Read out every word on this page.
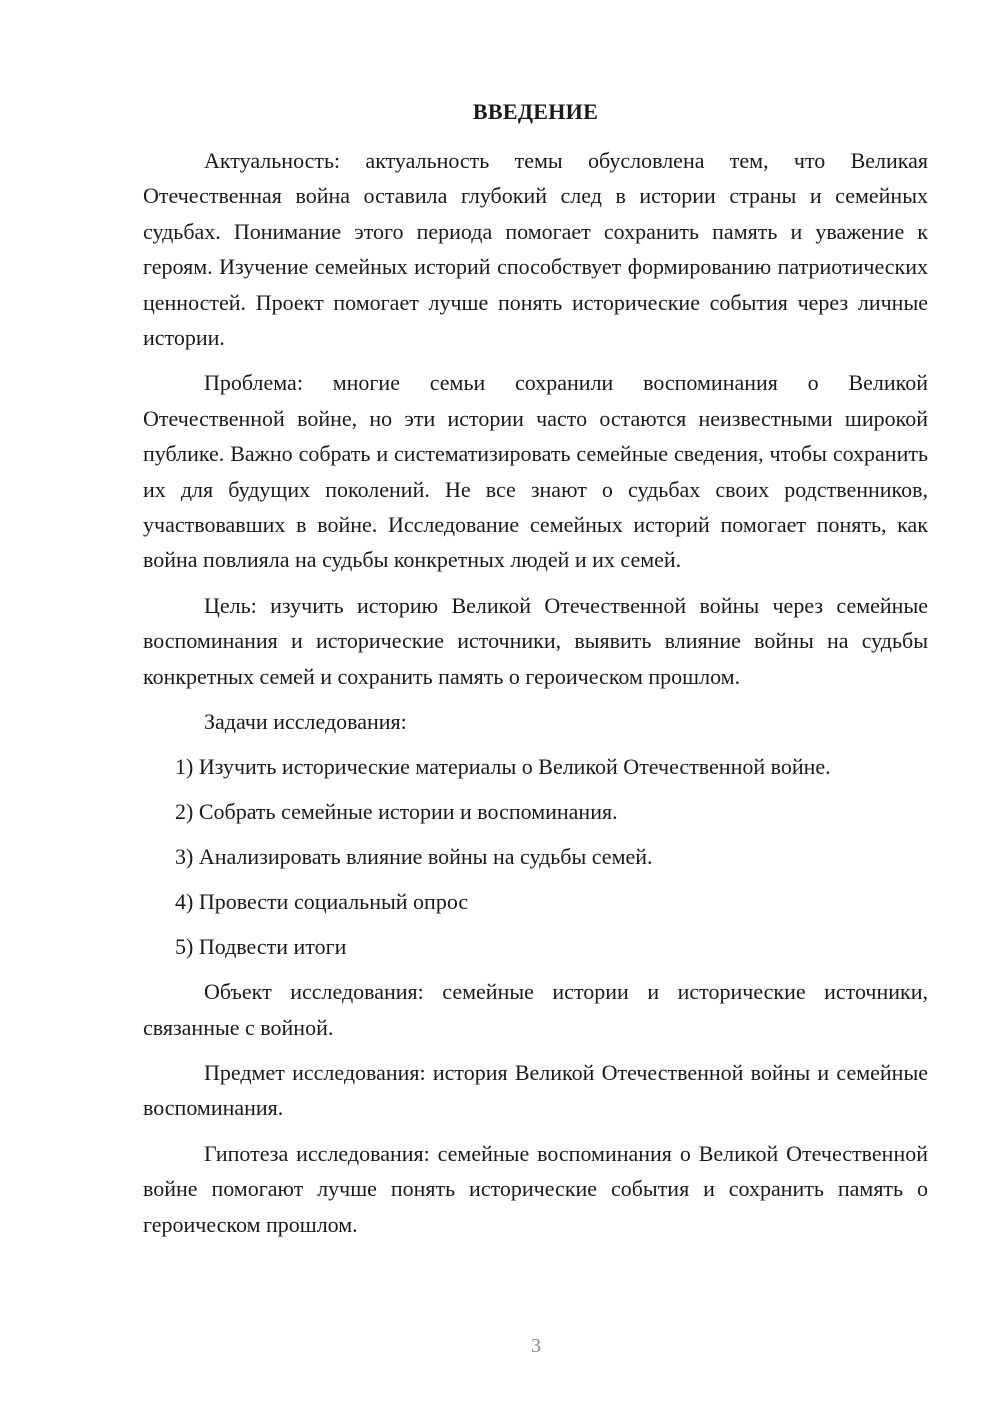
ВВЕДЕНИЕ

Актуальность: актуальность темы обусловлена тем, что Великая Отечественная война оставила глубокий след в истории страны и семейных судьбах. Понимание этого периода помогает сохранить память и уважение к героям. Изучение семейных историй способствует формированию патриотических ценностей. Проект помогает лучше понять исторические события через личные истории.

Проблема: многие семьи сохранили воспоминания о Великой Отечественной войне, но эти истории часто остаются неизвестными широкой публике. Важно собрать и систематизировать семейные сведения, чтобы сохранить их для будущих поколений. Не все знают о судьбах своих родственников, участвовавших в войне. Исследование семейных историй помогает понять, как война повлияла на судьбы конкретных людей и их семей.

Цель: изучить историю Великой Отечественной войны через семейные воспоминания и исторические источники, выявить влияние войны на судьбы конкретных семей и сохранить память о героическом прошлом.

Задачи исследования:

1) Изучить исторические материалы о Великой Отечественной войне.
2) Собрать семейные истории и воспоминания.
3) Анализировать влияние войны на судьбы семей.
4) Провести социальный опрос
5) Подвести итоги

Объект исследования: семейные истории и исторические источники, связанные с войной.

Предмет исследования: история Великой Отечественной войны и семейные воспоминания.

Гипотеза исследования: семейные воспоминания о Великой Отечественной войне помогают лучше понять исторические события и сохранить память о героическом прошлом.

3
